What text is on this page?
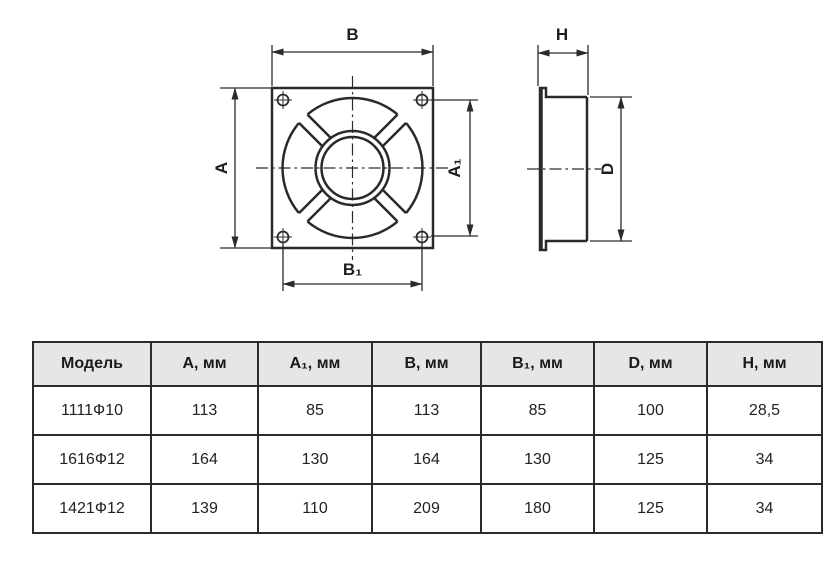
B
A	A₁
B₁
H
D
Модель	A, мм	A₁, мм	B, мм	B₁, мм	D, мм	H, мм
1111Ф10	113	85	113	85	100	28,5
1616Ф12	164	130	164	130	125	34
1421Ф12	139	110	209	180	125	34
